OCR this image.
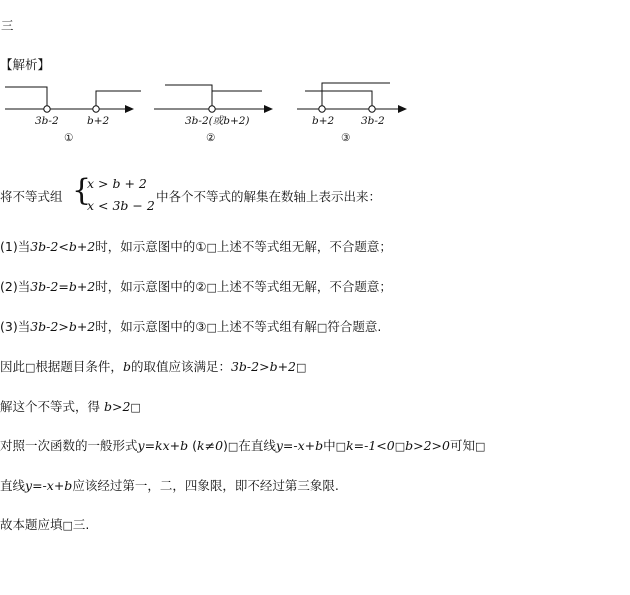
三
【解析】
3b-2	b+2
①
3b-2(或b+2)
②
b+2	3b-2
③
将不等式组 {
x > b + 2
x < 3b − 2
中各个不等式的解集在数轴上表示出来：
(1)当3b-2<b+2时，如示意图中的①□上述不等式组无解，不合题意；
(2)当3b-2=b+2时，如示意图中的②□上述不等式组无解，不合题意；
(3)当3b-2>b+2时，如示意图中的③□上述不等式组有解□符合题意.
因此□根据题目条件，b的取值应该满足：3b-2>b+2□
解这个不等式，得 b>2□
对照一次函数的一般形式y=kx+b (k≠0)□在直线y=-x+b中□k=-1<0□b>2>0可知□
直线y=-x+b应该经过第一，二，四象限，即不经过第三象限.
故本题应填□三.
